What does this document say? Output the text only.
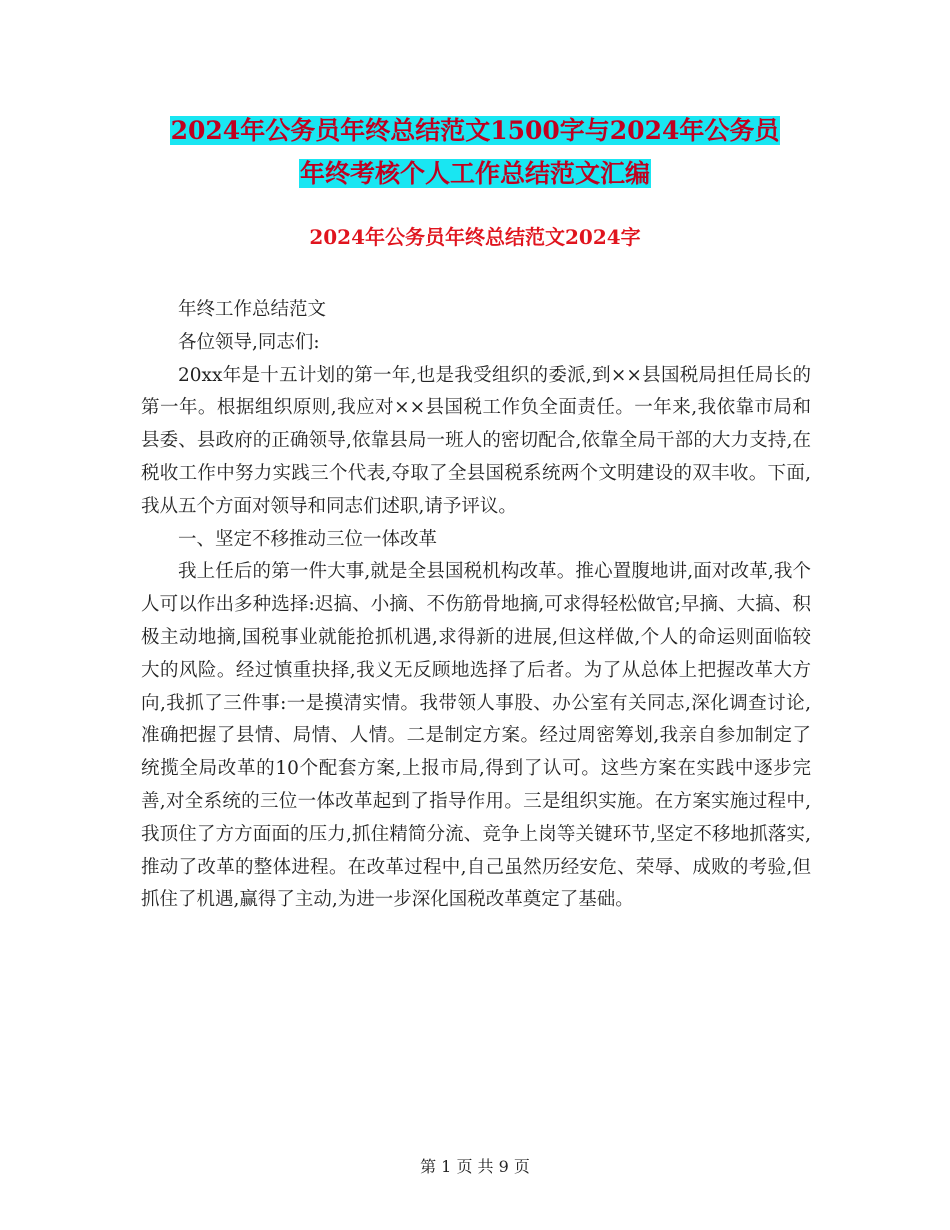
2024年公务员年终总结范文1500字与2024年公务员
年终考核个人工作总结范文汇编
2024年公务员年终总结范文2024字

年终工作总结范文

各位领导,同志们:

20xx年是十五计划的第一年,也是我受组织的委派,到××县国税局担任局长的第一年。根据组织原则,我应对××县国税工作负全面责任。一年来,我依靠市局和县委、县政府的正确领导,依靠县局一班人的密切配合,依靠全局干部的大力支持,在税收工作中努力实践三个代表,夺取了全县国税系统两个文明建设的双丰收。下面,我从五个方面对领导和同志们述职,请予评议。

一、坚定不移推动三位一体改革

我上任后的第一件大事,就是全县国税机构改革。推心置腹地讲,面对改革,我个人可以作出多种选择:迟搞、小摘、不伤筋骨地摘,可求得轻松做官;早摘、大搞、积极主动地摘,国税事业就能抢抓机遇,求得新的进展,但这样做,个人的命运则面临较大的风险。经过慎重抉择,我义无反顾地选择了后者。为了从总体上把握改革大方向,我抓了三件事:一是摸清实情。我带领人事股、办公室有关同志,深化调查讨论,准确把握了县情、局情、人情。二是制定方案。经过周密筹划,我亲自参加制定了统揽全局改革的10个配套方案,上报市局,得到了认可。这些方案在实践中逐步完善,对全系统的三位一体改革起到了指导作用。三是组织实施。在方案实施过程中,我顶住了方方面面的压力,抓住精简分流、竞争上岗等关键环节,坚定不移地抓落实,推动了改革的整体进程。在改革过程中,自己虽然历经安危、荣辱、成败的考验,但抓住了机遇,赢得了主动,为进一步深化国税改革奠定了基础。

第 1 页 共 9 页
